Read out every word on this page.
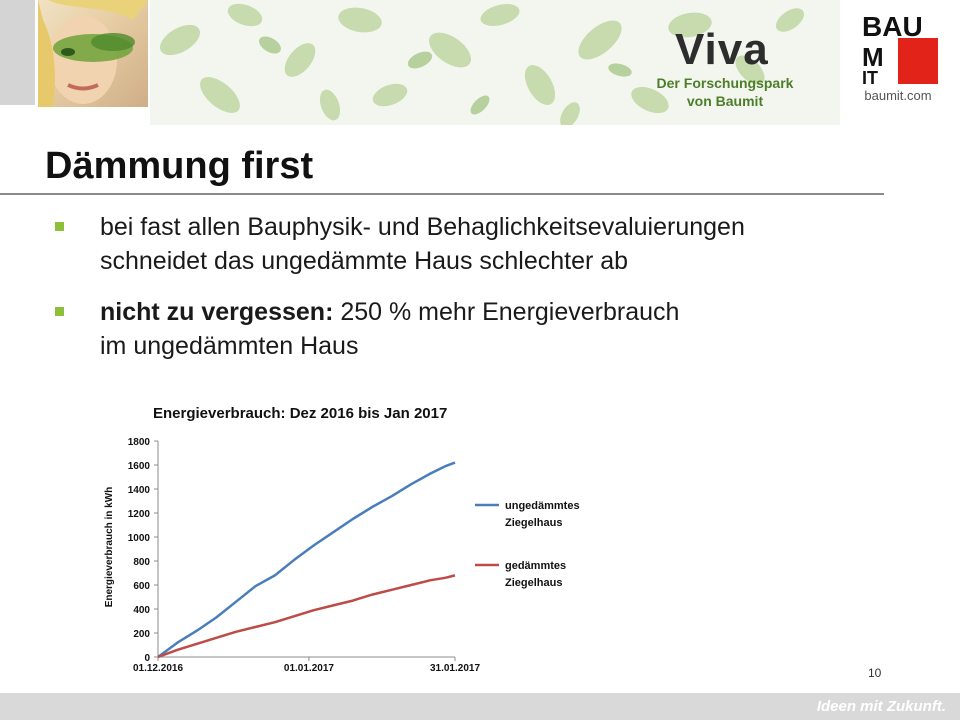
Viva
Der Forschungspark
von Baumit
BAU
M
IT
baumit.com
Dämmung first
bei fast allen Bauphysik- und Behaglichkeitsevaluierungen
schneidet das ungedämmte Haus schlechter ab
nicht zu vergessen: 250 % mehr Energieverbrauch
im ungedämmten Haus
Energieverbrauch: Dez 2016 bis Jan 2017
Energieverbrauch in kWh
0
200
400
600
800
1000
1200
1400
1600
1800
01.12.2016	01.01.2017	31.01.2017
ungedämmtes
Ziegelhaus
gedämmtes
Ziegelhaus
10
Ideen mit Zukunft.
